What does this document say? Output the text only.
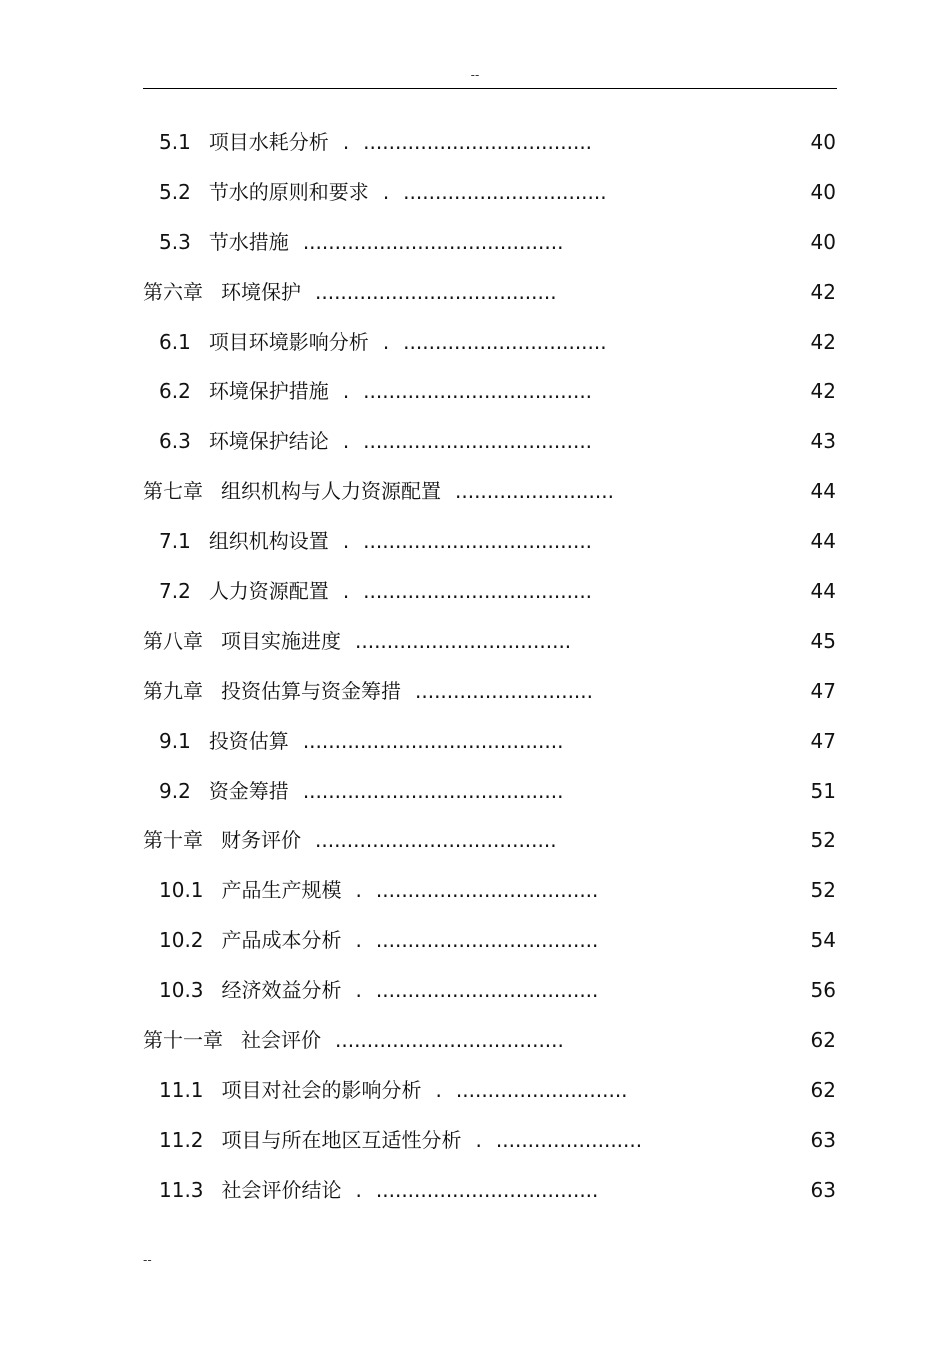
--
5.1 项目水耗分析 . ....................................	40
5.2 节水的原则和要求 . ................................	40
5.3 节水措施 .........................................	40
第六章 环境保护 ......................................	42
6.1 项目环境影响分析 . ................................	42
6.2 环境保护措施 . ....................................	42
6.3 环境保护结论 . ....................................	43
第七章 组织机构与人力资源配置 .........................	44
7.1 组织机构设置 . ....................................	44
7.2 人力资源配置 . ....................................	44
第八章 项目实施进度 ..................................	45
第九章 投资估算与资金筹措 ............................	47
9.1 投资估算 .........................................	47
9.2 资金筹措 .........................................	51
第十章 财务评价 ......................................	52
10.1 产品生产规模 . ...................................	52
10.2 产品成本分析 . ...................................	54
10.3 经济效益分析 . ...................................	56
第十一章 社会评价 ....................................	62
11.1 项目对社会的影响分析 . ...........................	62
11.2 项目与所在地区互适性分析 . .......................	63
11.3 社会评价结论 . ...................................	63
--
